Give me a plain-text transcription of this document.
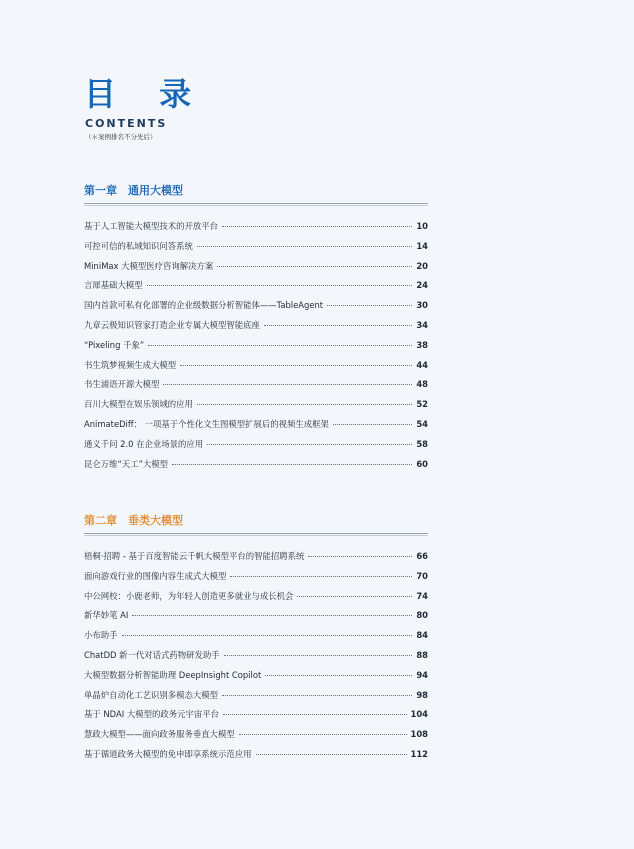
目 录
CONTENTS
（＊案例排名不分先后）
第一章　通用大模型
基于人工智能大模型技术的开放平台	10
可控可信的私域知识问答系统	14
MiniMax 大模型医疗咨询解决方案	20
言犀基础大模型	24
国内首款可私有化部署的企业级数据分析智能体——TableAgent	30
九章云极知识管家打造企业专属大模型智能底座	34
“Pixeling 千象”	38
书生筑梦视频生成大模型	44
书生浦语开源大模型	48
百川大模型在娱乐领域的应用	52
AnimateDiff： 一项基于个性化文生图模型扩展后的视频生成框架	54
通义千问 2.0 在企业场景的应用	58
昆仑万维“天工”大模型	60
第二章　垂类大模型
梧桐·招聘 - 基于百度智能云千帆大模型平台的智能招聘系统	66
面向游戏行业的图像内容生成式大模型	70
中公网校：小鹿老师，为年轻人创造更多就业与成长机会	74
新华妙笔 AI	80
小布助手	84
ChatDD 新一代对话式药物研发助手	88
大模型数据分析智能助理 DeepInsight Copilot	94
单晶炉自动化工艺识别多模态大模型	98
基于 NDAI 大模型的政务元宇宙平台	104
慧政大模型——面向政务服务垂直大模型	108
基于循道政务大模型的免申即享系统示范应用	112
